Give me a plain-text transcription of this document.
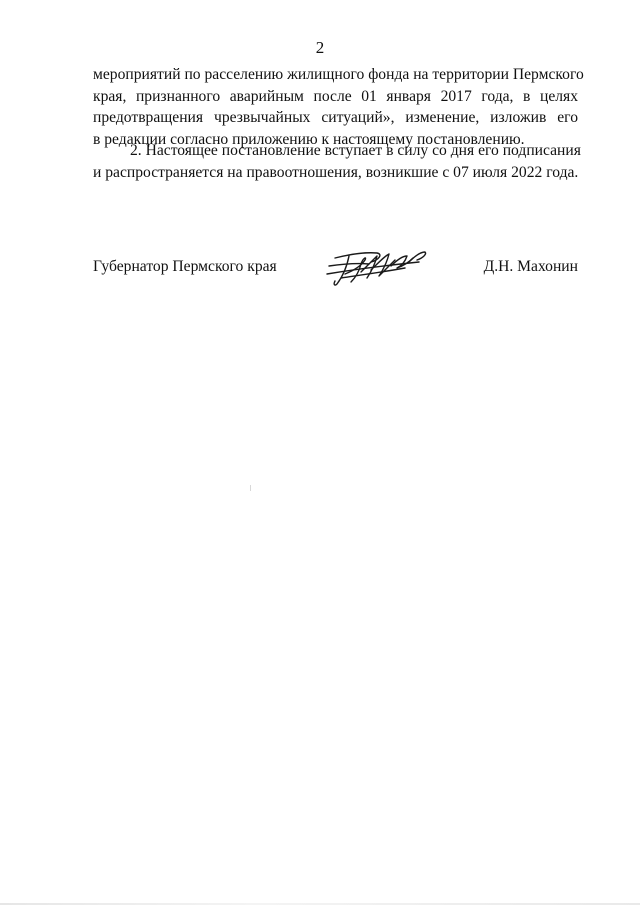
2
мероприятий по расселению жилищного фонда на территории Пермского
края, признанного аварийным после 01 января 2017 года, в целях
предотвращения чрезвычайных ситуаций», изменение, изложив его
в редакции согласно приложению к настоящему постановлению.
2. Настоящее постановление вступает в силу со дня его подписания
и распространяется на правоотношения, возникшие с 07 июля 2022 года.
Губернатор Пермского края	Д.Н. Махонин
